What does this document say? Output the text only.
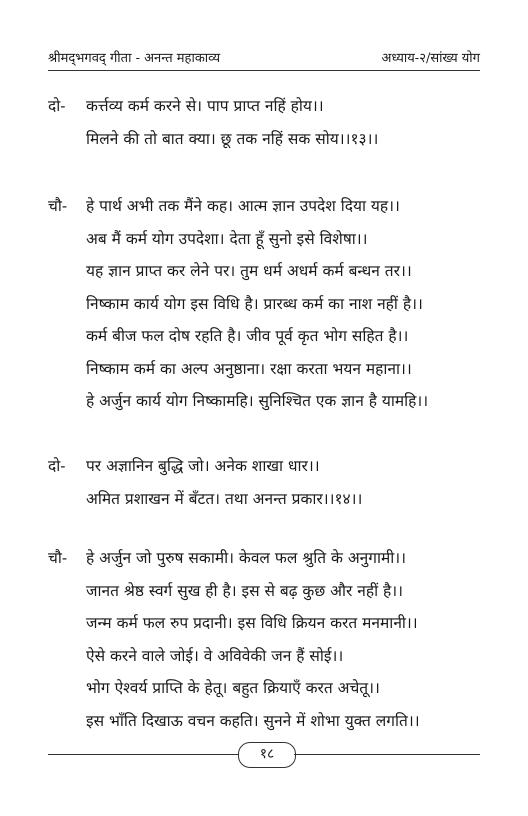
श्रीमद्‌भगवद्‌ गीता - अनन्त महाकाव्य	अध्याय-२/सांख्य योग
दो- कर्त्तव्य कर्म करने से। पाप प्राप्त नहिं होय।।
मिलने की तो बात क्या। छू तक नहिं सक सोय।।१३।।
चौ- हे पार्थ अभी तक मैंने कह। आत्म ज्ञान उपदेश दिया यह।।
अब मैं कर्म योग उपदेशा। देता हूँ सुनो इसे विशेषा।।
यह ज्ञान प्राप्त कर लेने पर। तुम धर्म अधर्म कर्म बन्धन तर।।
निष्काम कार्य योग इस विधि है। प्रारब्ध कर्म का नाश नहीं है।।
कर्म बीज फल दोष रहति है। जीव पूर्व कृत भोग सहित है।।
निष्काम कर्म का अल्प अनुष्ठाना। रक्षा करता भयन महाना।।
हे अर्जुन कार्य योग निष्कामहि। सुनिश्चित एक ज्ञान है यामहि।।
दो- पर अज्ञानिन बुद्धि जो। अनेक शाखा धार।।
अमित प्रशाखन में बँटत। तथा अनन्त प्रकार।।१४।।
चौ- हे अर्जुन जो पुरुष सकामी। केवल फल श्रुति के अनुगामी।।
जानत श्रेष्ठ स्वर्ग सुख ही है। इस से बढ़ कुछ और नहीं है।।
जन्म कर्म फल रुप प्रदानी। इस विधि क्रियन करत मनमानी।।
ऐसे करने वाले जोई। वे अविवेकी जन हैं सोई।।
भोग ऐश्वर्य प्राप्ति के हेतू। बहुत क्रियाएँ करत अचेतू।।
इस भाँति दिखाऊ वचन कहति। सुनने में शोभा युक्त लगति।।
१८
